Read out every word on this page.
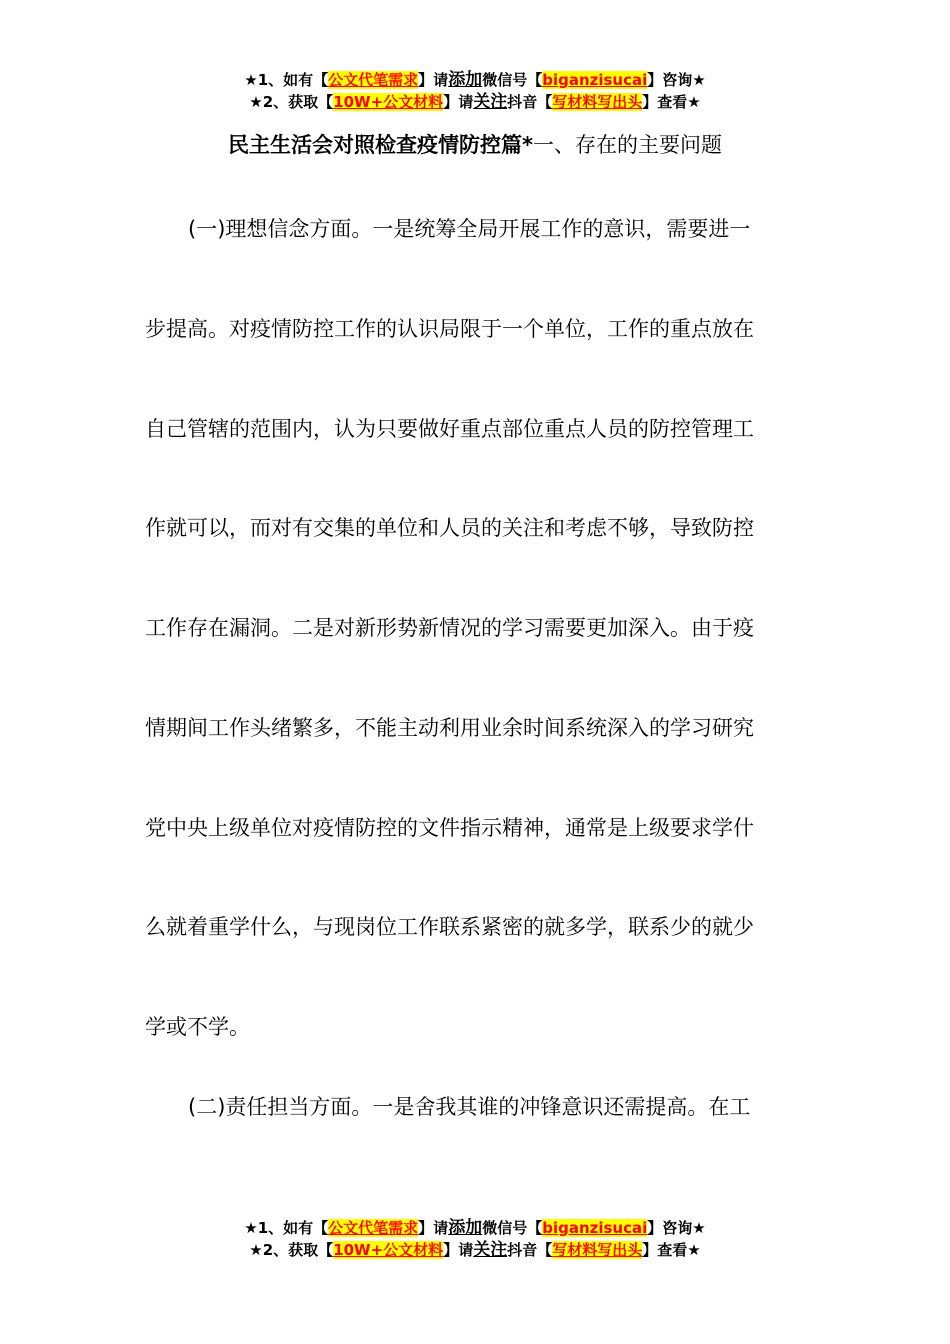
★1、如有【公文代笔需求】请添加微信号【biganzisucai】咨询★
★2、获取【10W+公文材料】请关注抖音【写材料写出头】查看★
民主生活会对照检查疫情防控篇*一、存在的主要问题
(一)理想信念方面。一是统筹全局开展工作的意识，需要进一
步提高。对疫情防控工作的认识局限于一个单位，工作的重点放在
自己管辖的范围内，认为只要做好重点部位重点人员的防控管理工
作就可以，而对有交集的单位和人员的关注和考虑不够，导致防控
工作存在漏洞。二是对新形势新情况的学习需要更加深入。由于疫
情期间工作头绪繁多，不能主动利用业余时间系统深入的学习研究
党中央上级单位对疫情防控的文件指示精神，通常是上级要求学什
么就着重学什么，与现岗位工作联系紧密的就多学，联系少的就少
学或不学。
(二)责任担当方面。一是舍我其谁的冲锋意识还需提高。在工
★1、如有【公文代笔需求】请添加微信号【biganzisucai】咨询★
★2、获取【10W+公文材料】请关注抖音【写材料写出头】查看★
